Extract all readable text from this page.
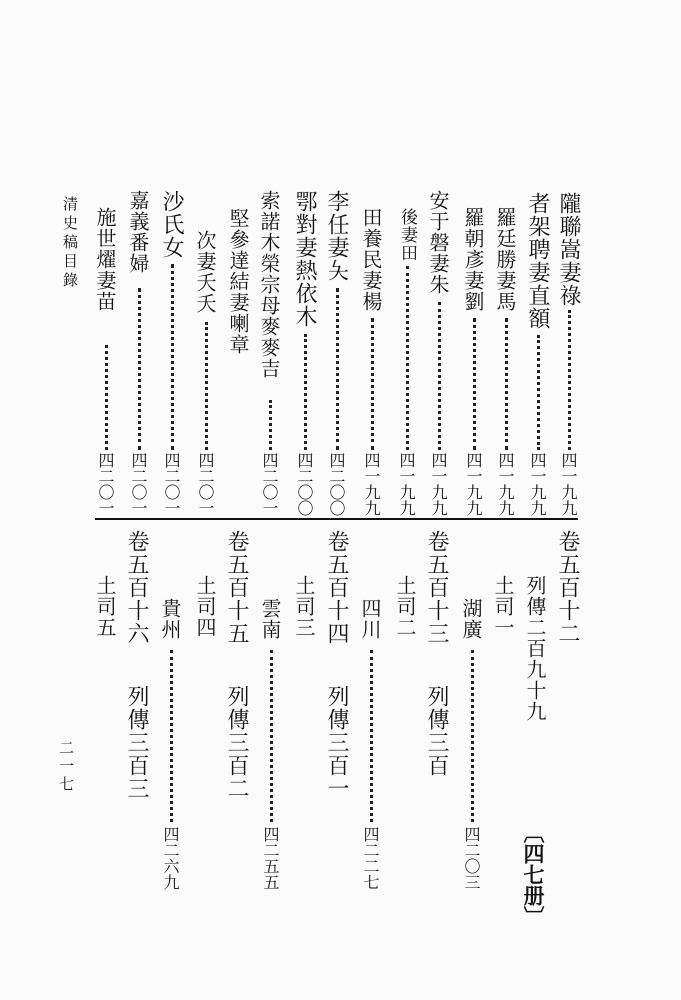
隴聯嵩妻祿
四一九九
者架聘妻直額
四一九九
羅廷勝妻馬
四一九九
羅朝彥妻劉
四一九九
安于磐妻朱
四一九九
後妻田
四一九九
田養民妻楊
四一九九
李任妻夨
四二〇〇
鄂對妻熱依木
四二〇〇
索諾木榮宗母麥麥吉
四二〇一
堅參達結妻喇章
次妻夭夭
四二〇一
沙氏女
四二〇一
嘉義番婦
四二〇一
施世燿妻苗
四二〇一
清史稿目錄
卷五百十二
列傳二百九十九
〔四七册〕
土司一
湖廣
四二〇三
卷五百十三
列傳三百
土司二
四川
四二二七
卷五百十四
列傳三百一
土司三
雲南
四二五五
卷五百十五
列傳三百二
土司四
貴州
四二六九
卷五百十六
列傳三百三
土司五
二一七
